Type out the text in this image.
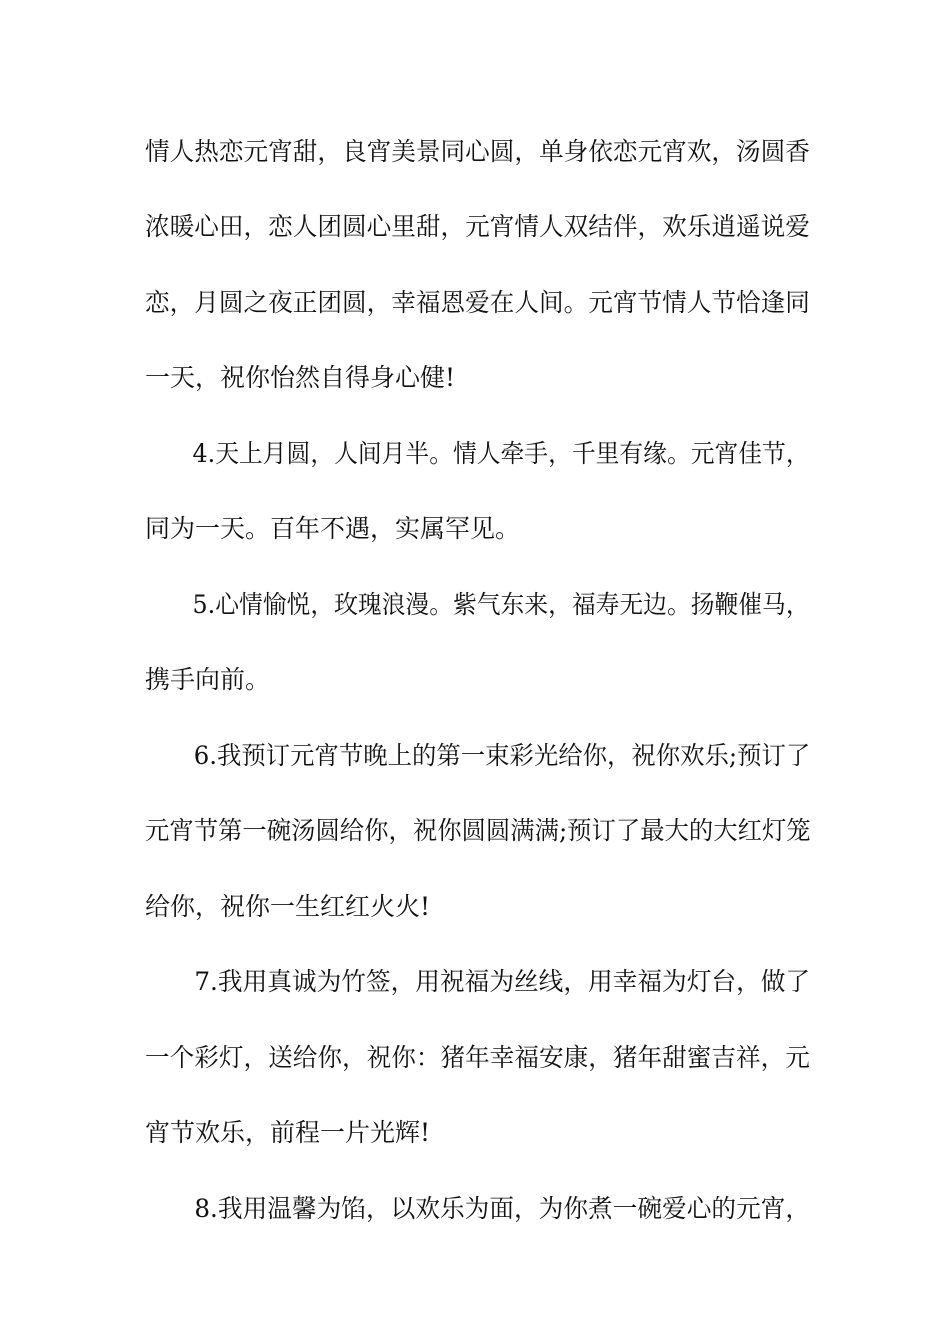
情人热恋元宵甜，良宵美景同心圆，单身依恋元宵欢，汤圆香
浓暖心田，恋人团圆心里甜，元宵情人双结伴，欢乐逍遥说爱
恋，月圆之夜正团圆，幸福恩爱在人间。元宵节情人节恰逢同
一天，祝你怡然自得身心健!
4.天上月圆，人间月半。情人牵手，千里有缘。元宵佳节，
同为一天。百年不遇，实属罕见。
5.心情愉悦，玫瑰浪漫。紫气东来，福寿无边。扬鞭催马，
携手向前。
6.我预订元宵节晚上的第一束彩光给你，祝你欢乐;预订了
元宵节第一碗汤圆给你，祝你圆圆满满;预订了最大的大红灯笼
给你，祝你一生红红火火!
7.我用真诚为竹签，用祝福为丝线，用幸福为灯台，做了
一个彩灯，送给你，祝你：猪年幸福安康，猪年甜蜜吉祥，元
宵节欢乐，前程一片光辉!
8.我用温馨为馅，以欢乐为面，为你煮一碗爱心的元宵，
